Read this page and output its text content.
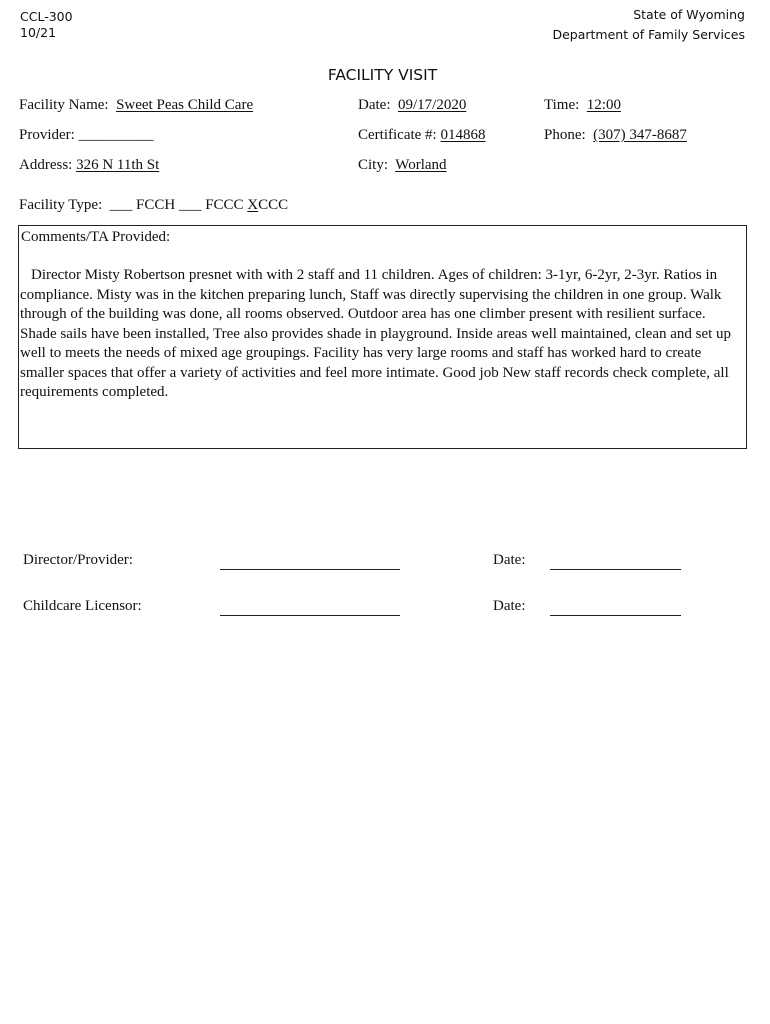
CCL-300
10/21
State of Wyoming
Department of Family Services
FACILITY VISIT
Facility Name: Sweet Peas Child Care	Date: 09/17/2020	Time: 12:00
Provider: __________	Certificate #: 014868	Phone: (307) 347-8687
Address: 326 N 11th St	City: Worland
Facility Type: ___ FCCH ___ FCCC XCCC
Comments/TA Provided:
Director Misty Robertson presnet with with 2 staff and 11 children. Ages of children: 3-1yr, 6-2yr, 2-3yr. Ratios in compliance. Misty was in the kitchen preparing lunch, Staff was directly supervising the children in one group. Walk through of the building was done, all rooms observed. Outdoor area has one climber present with resilient surface. Shade sails have been installed, Tree also provides shade in playground. Inside areas well maintained, clean and set up well to meets the needs of mixed age groupings. Facility has very large rooms and staff has worked hard to create smaller spaces that offer a variety of activities and feel more intimate. Good job New staff records check complete, all requirements completed.
Director/Provider:	Date:
Childcare Licensor:	Date:
